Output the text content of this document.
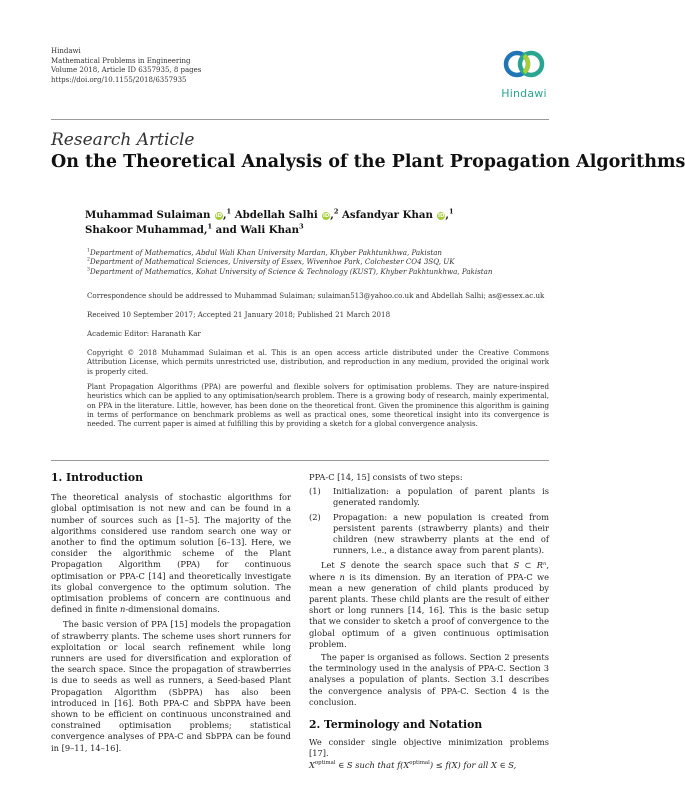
Hindawi
Mathematical Problems in Engineering
Volume 2018, Article ID 6357935, 8 pages
https://doi.org/10.1155/2018/6357935
Hindawi
Research Article
On the Theoretical Analysis of the Plant Propagation Algorithms
Muhammad Sulaiman iD,$^1$ Abdellah Salhi iD,$^2$ Asfandyar Khan iD,$^1$
Shakoor Muhammad,$^1$ and Wali Khan$^3$
$^1$Department of Mathematics, Abdul Wali Khan University Mardan, Khyber Pakhtunkhwa, Pakistan
$^2$Department of Mathematical Sciences, University of Essex, Wivenhoe Park, Colchester CO4 3SQ, UK
$^3$Department of Mathematics, Kohat University of Science & Technology (KUST), Khyber Pakhtunkhwa, Pakistan
Correspondence should be addressed to Muhammad Sulaiman; sulaiman513@yahoo.co.uk and Abdellah Salhi; as@essex.ac.uk
Received 10 September 2017; Accepted 21 January 2018; Published 21 March 2018
Academic Editor: Haranath Kar
Copyright © 2018 Muhammad Sulaiman et al. This is an open access article distributed under the Creative Commons Attribution License, which permits unrestricted use, distribution, and reproduction in any medium, provided the original work is properly cited.
Plant Propagation Algorithms (PPA) are powerful and flexible solvers for optimisation problems. They are nature-inspired heuristics which can be applied to any optimisation/search problem. There is a growing body of research, mainly experimental, on PPA in the literature. Little, however, has been done on the theoretical front. Given the prominence this algorithm is gaining in terms of performance on benchmark problems as well as practical ones, some theoretical insight into its convergence is needed. The current paper is aimed at fulfilling this by providing a sketch for a global convergence analysis.
1. Introduction

The theoretical analysis of stochastic algorithms for global optimisation is not new and can be found in a number of sources such as [1–5]. The majority of the algorithms considered use random search one way or another to find the optimum solution [6–13]. Here, we consider the algorithmic scheme of the Plant Propagation Algorithm (PPA) for continuous optimisation or PPA-C [14] and theoretically investigate its global convergence to the optimum solution. The optimisation problems of concern are continuous and defined in finite n-dimensional domains.

The basic version of PPA [15] models the propagation of strawberry plants. The scheme uses short runners for exploitation or local search refinement while long runners are used for diversification and exploration of the search space. Since the propagation of strawberries is due to seeds as well as runners, a Seed-based Plant Propagation Algorithm (SbPPA) has also been introduced in [16]. Both PPA-C and SbPPA have been shown to be efficient on continuous unconstrained and constrained optimisation problems; statistical convergence analyses of PPA-C and SbPPA can be found in [9–11, 14–16].

PPA-C [14, 15] consists of two steps:

(1) Initialization: a population of parent plants is generated randomly.
(2) Propagation: a new population is created from persistent parents (strawberry plants) and their children (new strawberry plants at the end of runners, i.e., a distance away from parent plants).

Let S denote the search space such that S ⊂ Rⁿ, where n is its dimension. By an iteration of PPA-C we mean a new generation of child plants produced by parent plants. These child plants are the result of either short or long runners [14, 16]. This is the basic setup that we consider to sketch a proof of convergence to the global optimum of a given continuous optimisation problem.

The paper is organised as follows. Section 2 presents the terminology used in the analysis of PPA-C. Section 3 analyses a population of plants. Section 3.1 describes the convergence analysis of PPA-C. Section 4 is the conclusion.

2. Terminology and Notation

We consider single objective minimization problems [17].
$X^{optimal}$ ∈ S such that $f(X^{optimal}) \le f(X)$ for all X ∈ S,
